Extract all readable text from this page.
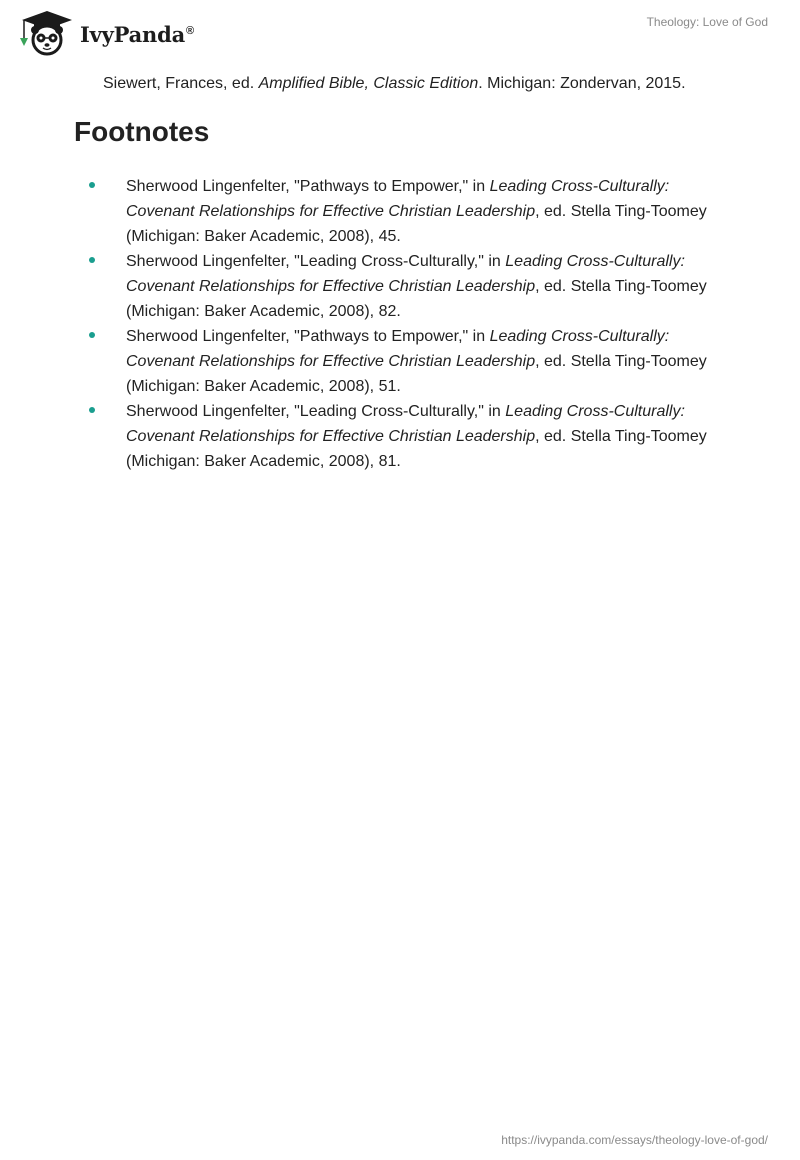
IvyPanda®
Theology: Love of God

Siewert, Frances, ed. Amplified Bible, Classic Edition. Michigan: Zondervan, 2015.

Footnotes
Sherwood Lingenfelter, "Pathways to Empower," in Leading Cross-Culturally: Covenant Relationships for Effective Christian Leadership, ed. Stella Ting-Toomey (Michigan: Baker Academic, 2008), 45.
Sherwood Lingenfelter, "Leading Cross-Culturally," in Leading Cross-Culturally: Covenant Relationships for Effective Christian Leadership, ed. Stella Ting-Toomey (Michigan: Baker Academic, 2008), 82.
Sherwood Lingenfelter, "Pathways to Empower," in Leading Cross-Culturally: Covenant Relationships for Effective Christian Leadership, ed. Stella Ting-Toomey (Michigan: Baker Academic, 2008), 51.
Sherwood Lingenfelter, "Leading Cross-Culturally," in Leading Cross-Culturally: Covenant Relationships for Effective Christian Leadership, ed. Stella Ting-Toomey (Michigan: Baker Academic, 2008), 81.
https://ivypanda.com/essays/theology-love-of-god/
